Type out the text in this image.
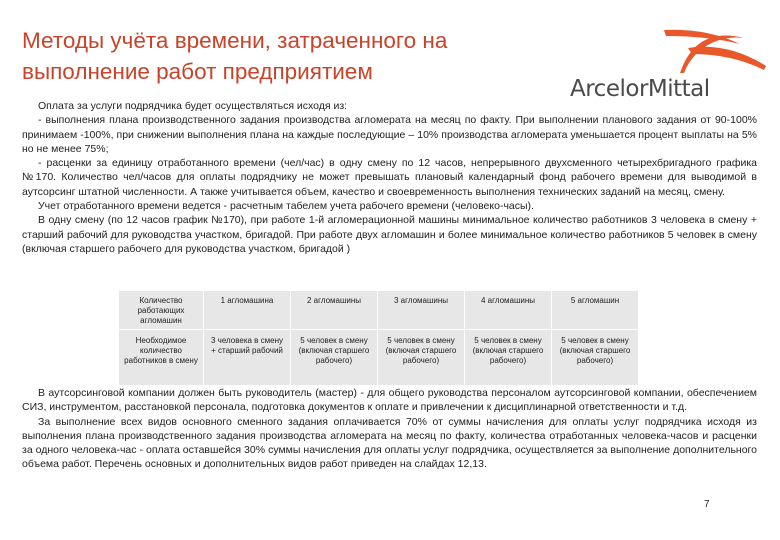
Методы учёта времени, затраченного на
выполнение работ предприятием
ArcelorMittal

Оплата за услуги подрядчика будет осуществляться исходя из:

- выполнения плана производственного задания производства агломерата на месяц по факту. При выполнении планового задания от 90-100% принимаем -100%, при снижении выполнения плана на каждые последующие – 10% производства агломерата уменьшается процент выплаты на 5% но не менее 75%;

- расценки за единицу отработанного времени (чел/час) в одну смену по 12 часов, непрерывного двухсменного четырехбригадного графика №170. Количество чел/часов для оплаты подрядчику не может превышать плановый календарный фонд рабочего времени для выводимой в аутсорсинг штатной численности. А также учитывается объем, качество и своевременность выполнения технических заданий на месяц, смену.

Учет отработанного времени ведется - расчетным табелем учета рабочего времени (человеко-часы).

В одну смену (по 12 часов график №170), при работе 1-й агломерационной машины минимальное количество работников 3 человека в смену + старший рабочий для руководства участком, бригадой. При работе двух агломашин и более минимальное количество работников 5 человек в смену (включая старшего рабочего для руководства участком, бригадой )

Количество работающих агломашин	1 агломашина	2 агломашины	3 агломашины	4 агломашины	5 агломашин
Необходимое количество работников в смену	3 человека в смену + старший рабочий	5 человек в смену (включая старшего рабочего)	5 человек в смену (включая старшего рабочего)	5 человек в смену (включая старшего рабочего)	5 человек в смену (включая старшего рабочего)

В аутсорсинговой компании должен быть руководитель (мастер) - для общего руководства персоналом аутсорсинговой компании, обеспечением СИЗ, инструментом, расстановкой персонала, подготовка документов к оплате и привлечении к дисциплинарной ответственности и т.д.

За выполнение всех видов основного сменного задания оплачивается 70% от суммы начисления для оплаты услуг подрядчика исходя из выполнения плана производственного задания производства агломерата на месяц по факту, количества отработанных человека-часов и расценки за одного человека-час - оплата оставшейся 30% суммы начисления для оплаты услуг подрядчика, осуществляется за выполнение дополнительного объема работ. Перечень основных и дополнительных видов работ приведен на слайдах 12,13.

7
